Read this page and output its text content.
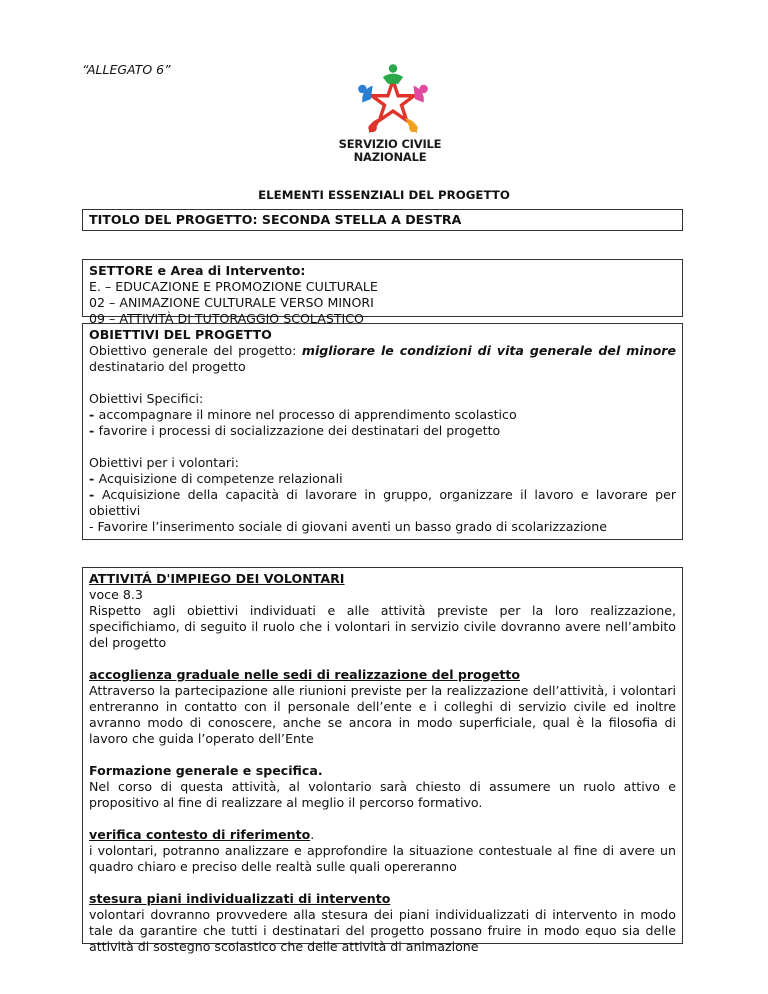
“ALLEGATO 6”
SERVIZIO CIVILE
NAZIONALE
ELEMENTI ESSENZIALI DEL PROGETTO

TITOLO DEL PROGETTO: SECONDA STELLA A DESTRA

SETTORE e Area di Intervento:

E. – EDUCAZIONE E PROMOZIONE CULTURALE

02 – ANIMAZIONE CULTURALE VERSO MINORI

09 – ATTIVITÀ DI TUTORAGGIO SCOLASTICO

OBIETTIVI DEL PROGETTO

Obiettivo generale del progetto: migliorare le condizioni di vita generale del minore destinatario del progetto

Obiettivi Specifici:

- accompagnare il minore nel processo di apprendimento scolastico

- favorire i processi di socializzazione dei destinatari del progetto

Obiettivi per i volontari:

- Acquisizione di competenze relazionali

- Acquisizione della capacità di lavorare in gruppo, organizzare il lavoro e lavorare per obiettivi

- Favorire l’inserimento sociale di giovani aventi un basso grado di scolarizzazione

ATTIVITÁ D'IMPIEGO DEI VOLONTARI

voce 8.3

Rispetto agli obiettivi individuati e alle attività previste per la loro realizzazione, specifichiamo, di seguito il ruolo che i volontari in servizio civile dovranno avere nell’ambito del progetto

accoglienza graduale nelle sedi di realizzazione del progetto

Attraverso la partecipazione alle riunioni previste per la realizzazione dell’attività, i volontari entreranno in contatto con il personale dell’ente e i colleghi di servizio civile ed inoltre avranno modo di conoscere, anche se ancora in modo superficiale, qual è la filosofia di lavoro che guida l’operato dell’Ente

Formazione generale e specifica.

Nel corso di questa attività, al volontario sarà chiesto di assumere un ruolo attivo e propositivo al fine di realizzare al meglio il percorso formativo.

verifica contesto di riferimento.

i volontari, potranno analizzare e approfondire la situazione contestuale al fine di avere un quadro chiaro e preciso delle realtà sulle quali opereranno

stesura piani individualizzati di intervento

volontari dovranno provvedere alla stesura dei piani individualizzati di intervento in modo tale da garantire che tutti i destinatari del progetto possano fruire in modo equo sia delle attività di sostegno scolastico che delle attività di animazione
